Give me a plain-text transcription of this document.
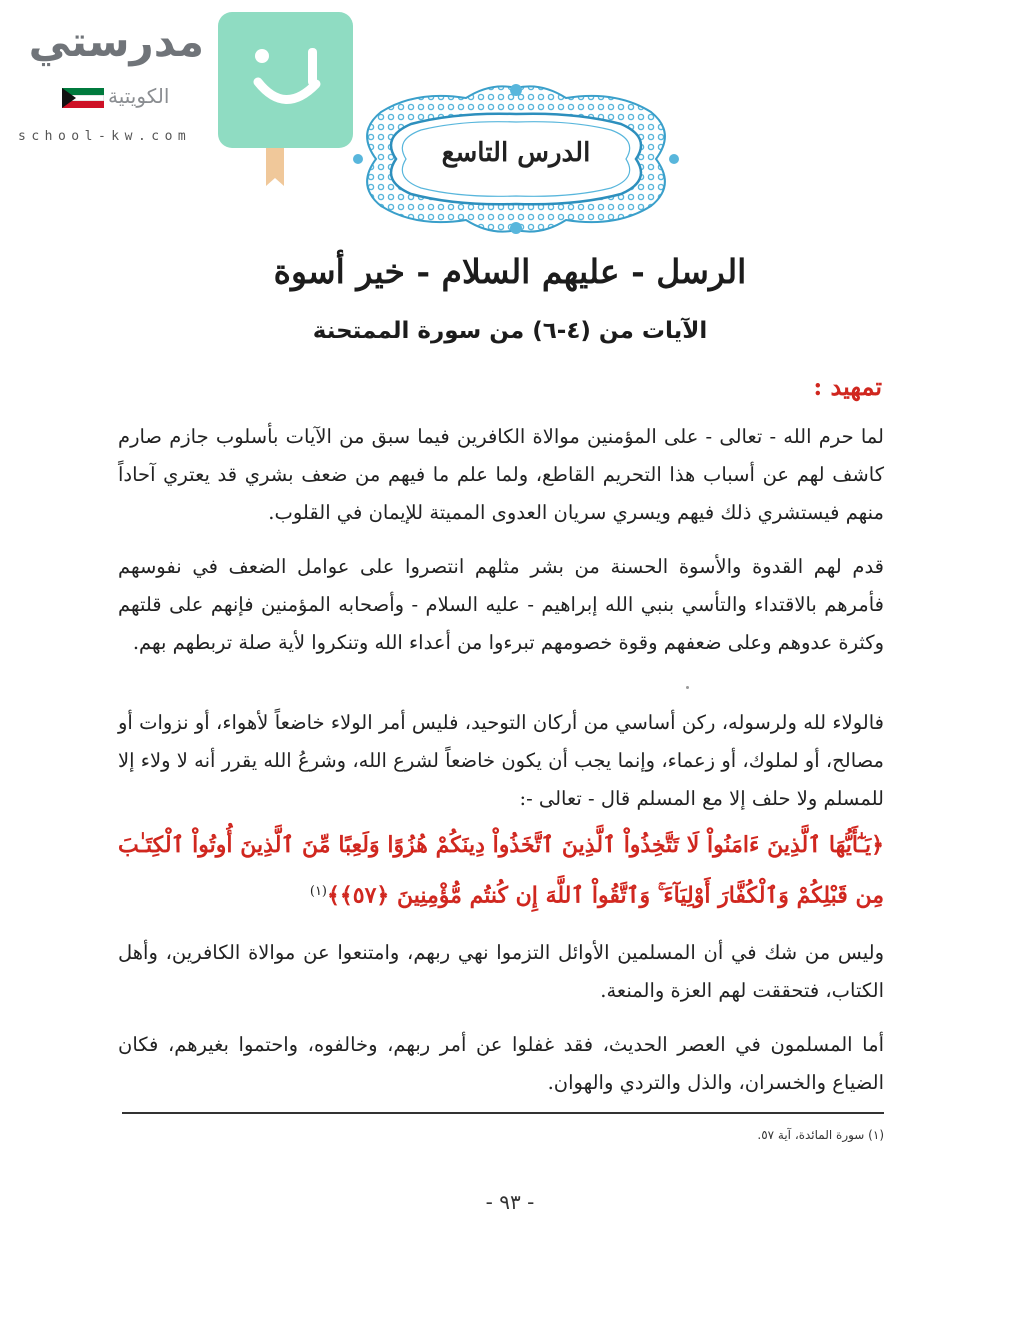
مدرستي
الكويتية
school-kw.com
الدرس التاسع
الرسل - عليهم السلام - خير أسوة
الآيات من (٤-٦) من سورة الممتحنة
تمهيد :

لما حرم الله - تعالى - على المؤمنين موالاة الكافرين فيما سبق من الآيات بأسلوب جازم صارم كاشف لهم عن أسباب هذا التحريم القاطع، ولما علم ما فيهم من ضعف بشري قد يعتري آحاداً منهم فيستشري ذلك فيهم ويسري سريان العدوى المميتة للإيمان في القلوب.

قدم لهم القدوة والأسوة الحسنة من بشر مثلهم انتصروا على عوامل الضعف في نفوسهم فأمرهم بالاقتداء والتأسي بنبي الله إبراهيم - عليه السلام - وأصحابه المؤمنين فإنهم على قلتهم وكثرة عدوهم وعلى ضعفهم وقوة خصومهم تبرءوا من أعداء الله وتنكروا لأية صلة تربطهم بهم.

فالولاء لله ولرسوله، ركن أساسي من أركان التوحيد، فليس أمر الولاء خاضعاً لأهواء، أو نزوات أو مصالح، أو لملوك، أو زعماء، وإنما يجب أن يكون خاضعاً لشرع الله، وشرعُ الله يقرر أنه لا ولاء إلا للمسلم ولا حلف إلا مع المسلم قال - تعالى -:

﴿يَـٰٓأَيُّهَا ٱلَّذِينَ ءَامَنُواْ لَا تَتَّخِذُواْ ٱلَّذِينَ ٱتَّخَذُواْ دِينَكُمْ هُزُوًا وَلَعِبًا مِّنَ ٱلَّذِينَ أُوتُواْ ٱلْكِتَـٰبَ مِن قَبْلِكُمْ وَٱلْكُفَّارَ أَوْلِيَآءَ ۚ وَٱتَّقُواْ ٱللَّهَ إِن كُنتُم مُّؤْمِنِينَ ﴿٥٧﴾﴾$^{(١)}$

وليس من شك في أن المسلمين الأوائل التزموا نهي ربهم، وامتنعوا عن موالاة الكافرين، وأهل الكتاب، فتحققت لهم العزة والمنعة.

أما المسلمون في العصر الحديث، فقد غفلوا عن أمر ربهم، وخالفوه، واحتموا بغيرهم، فكان الضياع والخسران، والذل والتردي والهوان.

(١) سورة المائدة، آية ٥٧.
- ٩٣ -
